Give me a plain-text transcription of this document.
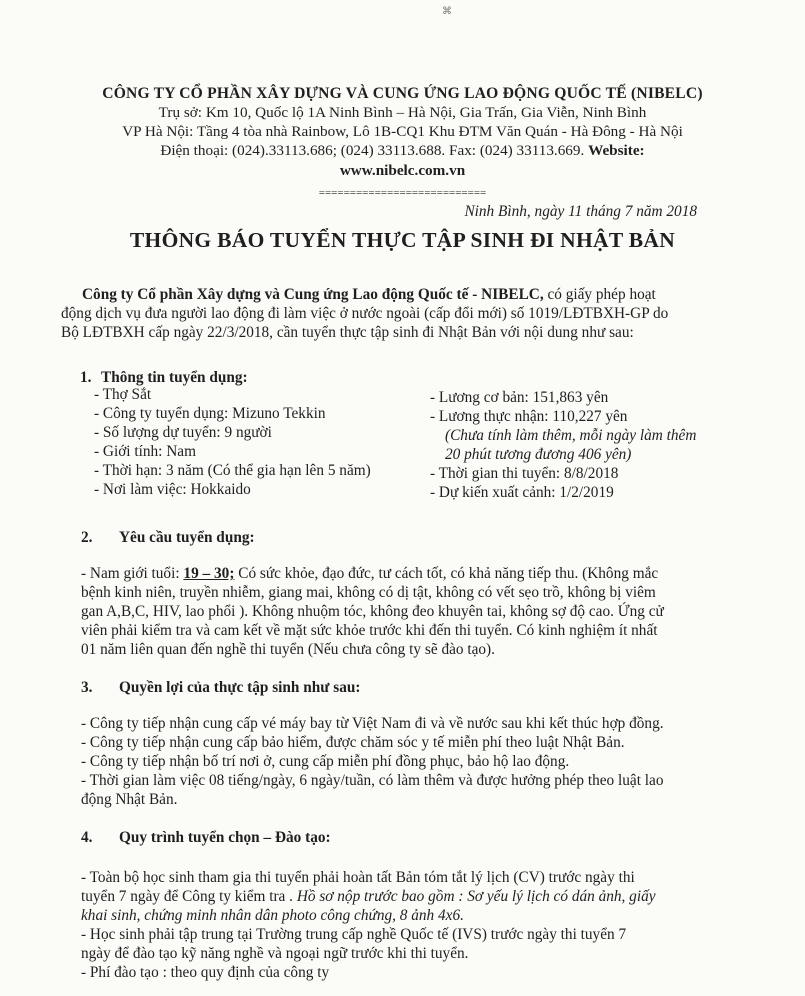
⌘
CÔNG TY CỔ PHẦN XÂY DỰNG VÀ CUNG ỨNG LAO ĐỘNG QUỐC TẾ (NIBELC)
Trụ sở: Km 10, Quốc lộ 1A Ninh Bình – Hà Nội, Gia Trấn, Gia Viễn, Ninh Bình
VP Hà Nội: Tầng 4 tòa nhà Rainbow, Lô 1B-CQ1 Khu ĐTM Văn Quán - Hà Đông - Hà Nội
Điện thoại: (024).33113.686; (024) 33113.688. Fax: (024) 33113.669. Website:
www.nibelc.com.vn
===========================
Ninh Bình, ngày 11 tháng 7 năm 2018
THÔNG BÁO TUYỂN THỰC TẬP SINH ĐI NHẬT BẢN
Công ty Cổ phần Xây dựng và Cung ứng Lao động Quốc tế - NIBELC, có giấy phép hoạt
động dịch vụ đưa người lao động đi làm việc ở nước ngoài (cấp đổi mới) số 1019/LĐTBXH-GP do
Bộ LĐTBXH cấp ngày 22/3/2018, cần tuyển thực tập sinh đi Nhật Bản với nội dung như sau:
1. Thông tin tuyển dụng:
- Thợ Sắt
- Công ty tuyển dụng: Mizuno Tekkin
- Số lượng dự tuyển: 9 người
- Giới tính: Nam
- Thời hạn: 3 năm (Có thể gia hạn lên 5 năm)
- Nơi làm việc: Hokkaido
- Lương cơ bản: 151,863 yên
- Lương thực nhận: 110,227 yên
(Chưa tính làm thêm, mỗi ngày làm thêm
20 phút tương đương 406 yên)
- Thời gian thi tuyển: 8/8/2018
- Dự kiến xuất cảnh: 1/2/2019
2. Yêu cầu tuyển dụng:

- Nam giới tuổi: 19 – 30; Có sức khỏe, đạo đức, tư cách tốt, có khả năng tiếp thu. (Không mắc

bệnh kinh niên, truyền nhiễm, giang mai, không có dị tật, không có vết sẹo trồ, không bị viêm

gan A,B,C, HIV, lao phổi ). Không nhuộm tóc, không đeo khuyên tai, không sợ độ cao. Ứng cử

viên phải kiểm tra và cam kết về mặt sức khỏe trước khi đến thi tuyển. Có kinh nghiệm ít nhất

01 năm liên quan đến nghề thi tuyển (Nếu chưa công ty sẽ đào tạo).

3. Quyền lợi của thực tập sinh như sau:

- Công ty tiếp nhận cung cấp vé máy bay từ Việt Nam đi và về nước sau khi kết thúc hợp đồng.

- Công ty tiếp nhận cung cấp bảo hiểm, được chăm sóc y tế miễn phí theo luật Nhật Bản.

- Công ty tiếp nhận bố trí nơi ở, cung cấp miễn phí đồng phục, bảo hộ lao động.

- Thời gian làm việc 08 tiếng/ngày, 6 ngày/tuần, có làm thêm và được hưởng phép theo luật lao

động Nhật Bản.

4. Quy trình tuyển chọn – Đào tạo:

- Toàn bộ học sinh tham gia thi tuyển phải hoàn tất Bản tóm tắt lý lịch (CV) trước ngày thi

tuyển 7 ngày để Công ty kiểm tra . Hồ sơ nộp trước bao gồm : Sơ yếu lý lịch có dán ảnh, giấy

khai sinh, chứng minh nhân dân photo công chứng, 8 ảnh 4x6.

- Học sinh phải tập trung tại Trường trung cấp nghề Quốc tế (IVS) trước ngày thi tuyển 7

ngày để đào tạo kỹ năng nghề và ngoại ngữ trước khi thi tuyển.

- Phí đào tạo : theo quy định của công ty
